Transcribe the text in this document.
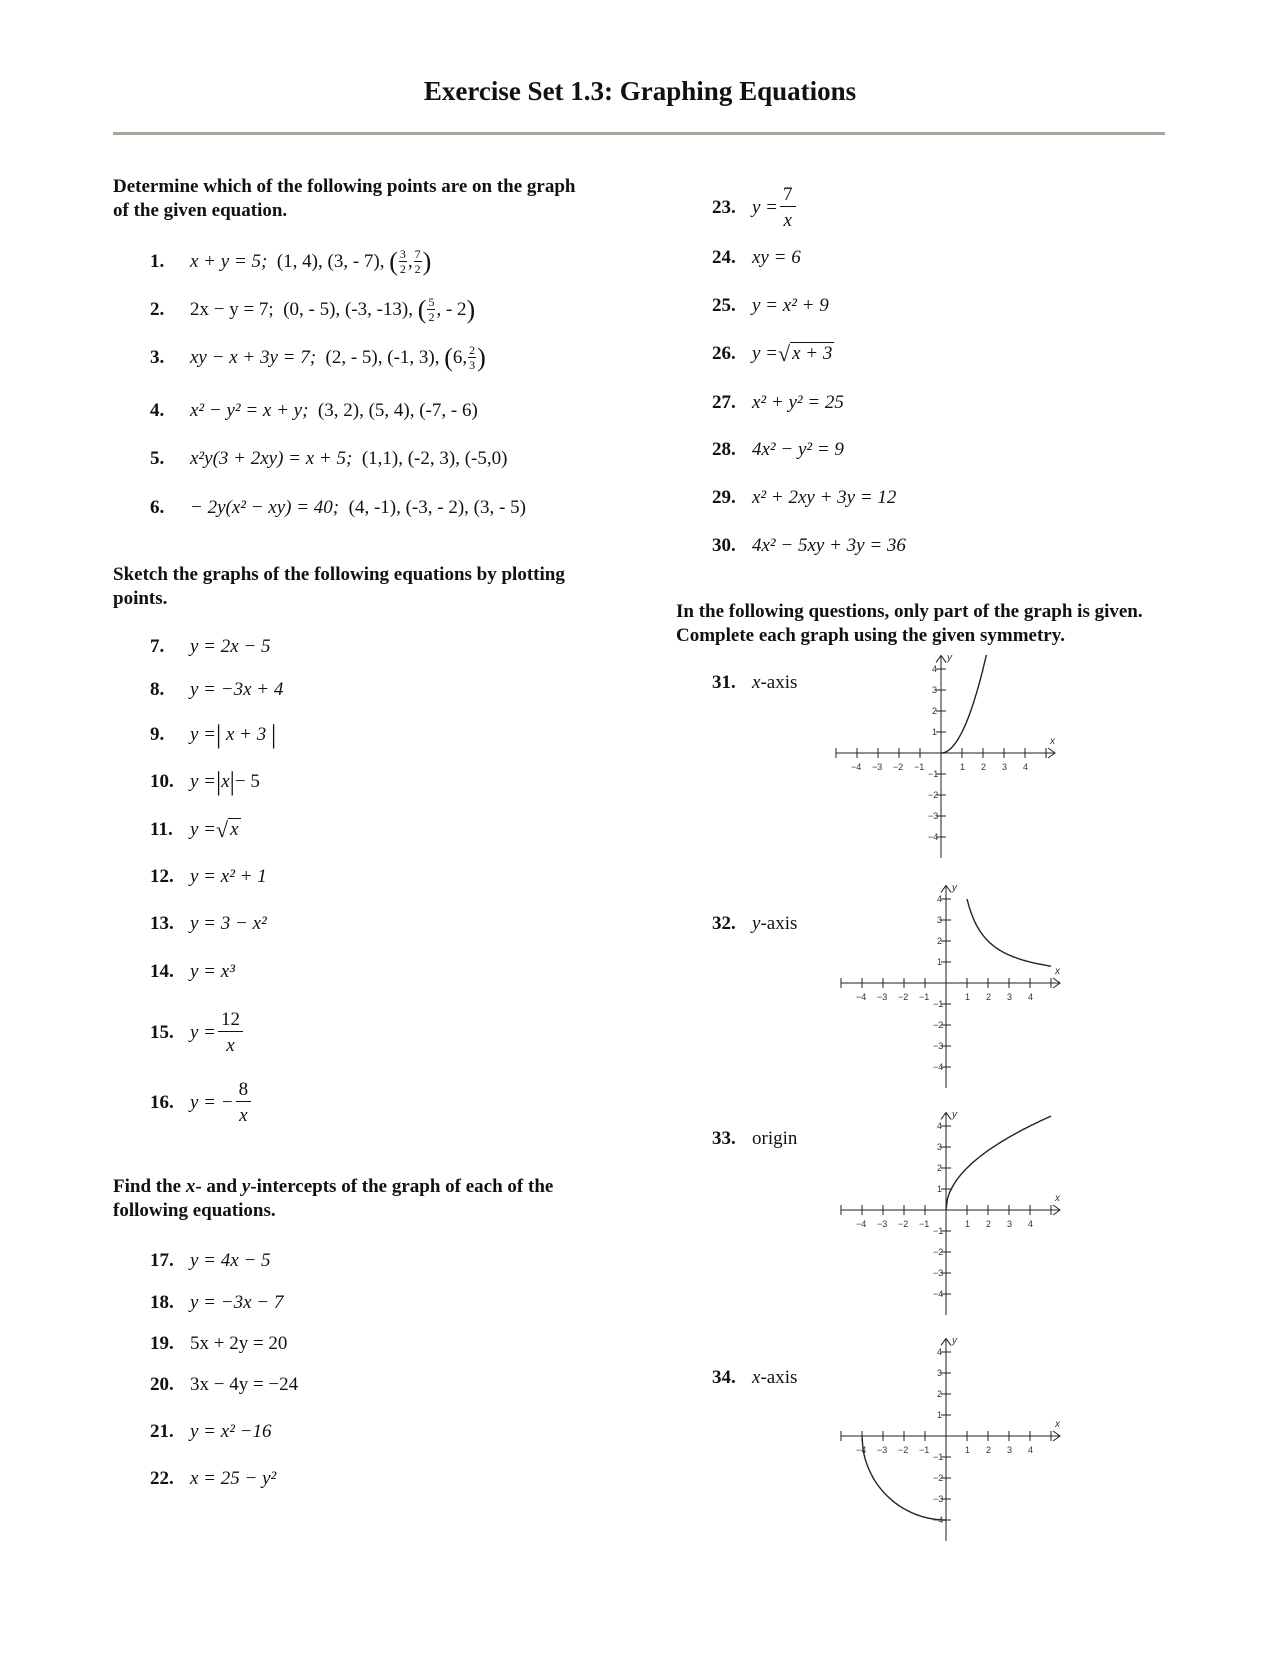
Exercise Set 1.3: Graphing Equations
Determine which of the following points are on the graph of the given equation.
1.	x + y = 5;
(1, 4), (3, - 7),
( $\frac{3}{2}$ , $\frac{7}{2}$ )
2.	2x − y = 7;
(0, - 5), (-3, -13),
( $\frac{5}{2}$ , - 2 )
3.	xy − x + 3y = 7;
(2, - 5), (-1, 3),
( 6, $\frac{2}{3}$ )
4.	x² − y² = x + y;
(3, 2), (5, 4), (-7, - 6)
5.	x²y(3 + 2xy) = x + 5;
(1,1), (-2, 3), (-5,0)
6.	− 2y(x² − xy) = 40;
(4, -1), (-3, - 2), (3, - 5)
Sketch the graphs of the following equations by plotting points.
7.	y = 2x − 5
8.	y = −3x + 4
9.	y = |
x + 3
|
10. y = | x | − 5
11. y = √ x
12. y = x² + 1
13. y = 3 − x²
14. y = x³
15. $y = \frac{12}{x}$
16. y = − $\frac{8}{x}$
Find the x- and y-intercepts of the graph of each of the following equations.
17. y = 4x − 5
18. y = −3x − 7
19. 5x + 2y = 20
20. 3x − 4y = −24
21. y = x² −16
22. x = 25 − y²
23. $y = \frac{7}{x}$
24. xy = 6
25. y = x² + 9
26. y = √ x + 3
27. x² + y² = 25
28. 4x² − y² = 9
29. x² + 2xy + 3y = 12
30. 4x² − 5xy + 3y = 36
In the following questions, only part of the graph is given. Complete each graph using the given symmetry.
31. x -axis
32. y -axis
33. origin
34. x -axis
−4 −3 −2 −1	1 2 3 4
4
3
2
1
−1
−2
−3
−4
x
y
−4 −3 −2 −1	1 2 3 4
4
3
2
1
−1
−2
−3
−4
x
y
−4 −3 −2 −1	1 2 3 4
4
3
2
1
−1
−2
−3
−4
x
y
−4 −3 −2 −1	1 2 3 4
4
3
2
1
−1
−2
−3
−4
x
y
